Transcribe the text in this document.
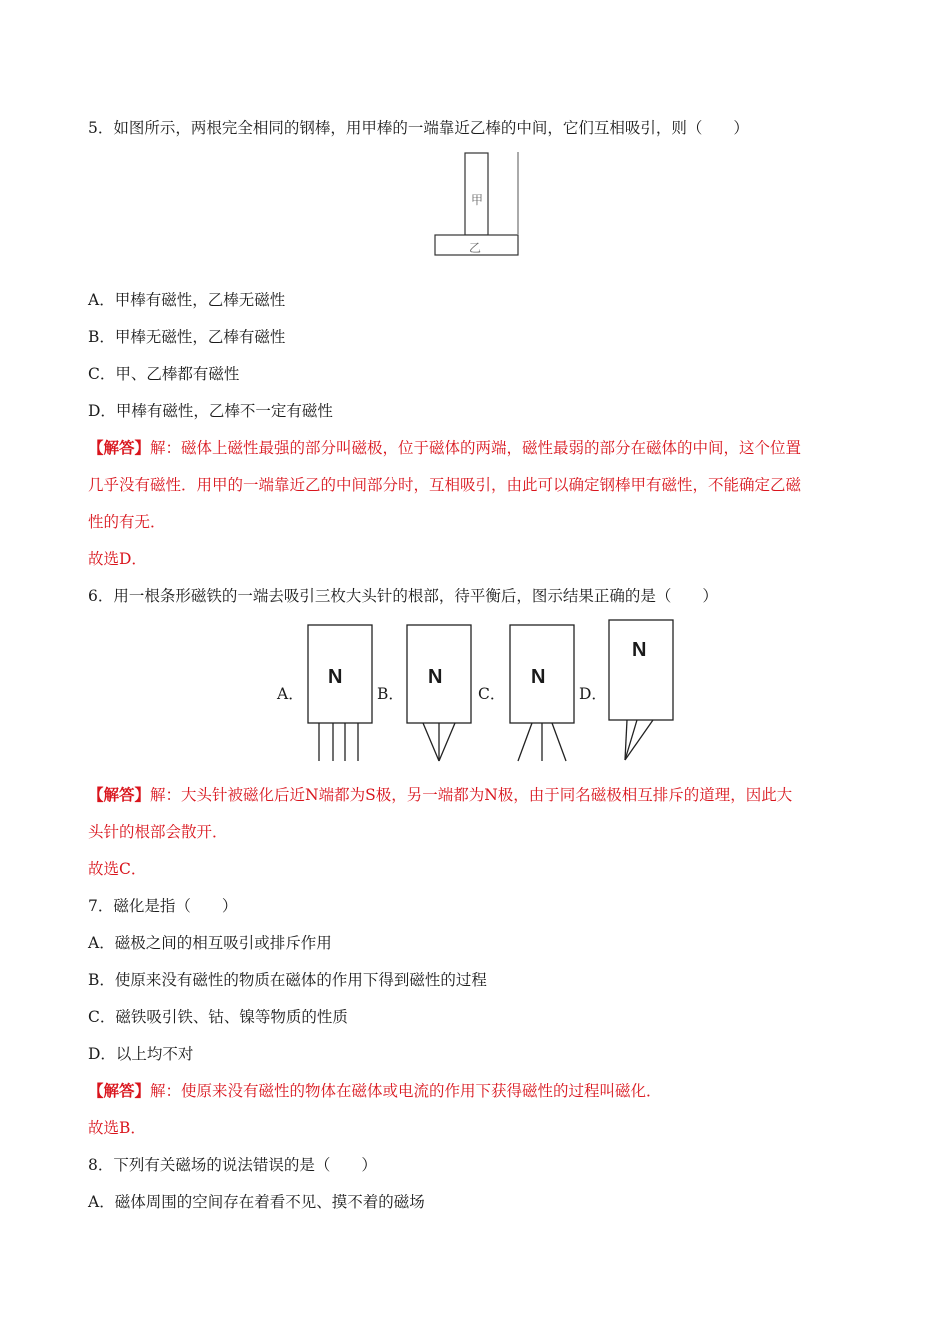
5．如图所示，两根完全相同的钢棒，用甲棒的一端靠近乙棒的中间，它们互相吸引，则（　　）
甲
乙
A．甲棒有磁性，乙棒无磁性
B．甲棒无磁性，乙棒有磁性
C．甲、乙棒都有磁性
D．甲棒有磁性，乙棒不一定有磁性
【解答】解：磁体上磁性最强的部分叫磁极，位于磁体的两端，磁性最弱的部分在磁体的中间，这个位置
几乎没有磁性．用甲的一端靠近乙的中间部分时，互相吸引，由此可以确定钢棒甲有磁性，不能确定乙磁
性的有无．
故选D．
6．用一根条形磁铁的一端去吸引三枚大头针的根部，待平衡后，图示结果正确的是（　　）
A．	B．	C．	D．
N	N	N
N
【解答】解：大头针被磁化后近N端都为S极，另一端都为N极，由于同名磁极相互排斥的道理，因此大
头针的根部会散开．
故选C．
7．磁化是指（　　）
A．磁极之间的相互吸引或排斥作用
B．使原来没有磁性的物质在磁体的作用下得到磁性的过程
C．磁铁吸引铁、钴、镍等物质的性质
D．以上均不对
【解答】解：使原来没有磁性的物体在磁体或电流的作用下获得磁性的过程叫磁化．
故选B．
8．下列有关磁场的说法错误的是（　　）
A．磁体周围的空间存在着看不见、摸不着的磁场
